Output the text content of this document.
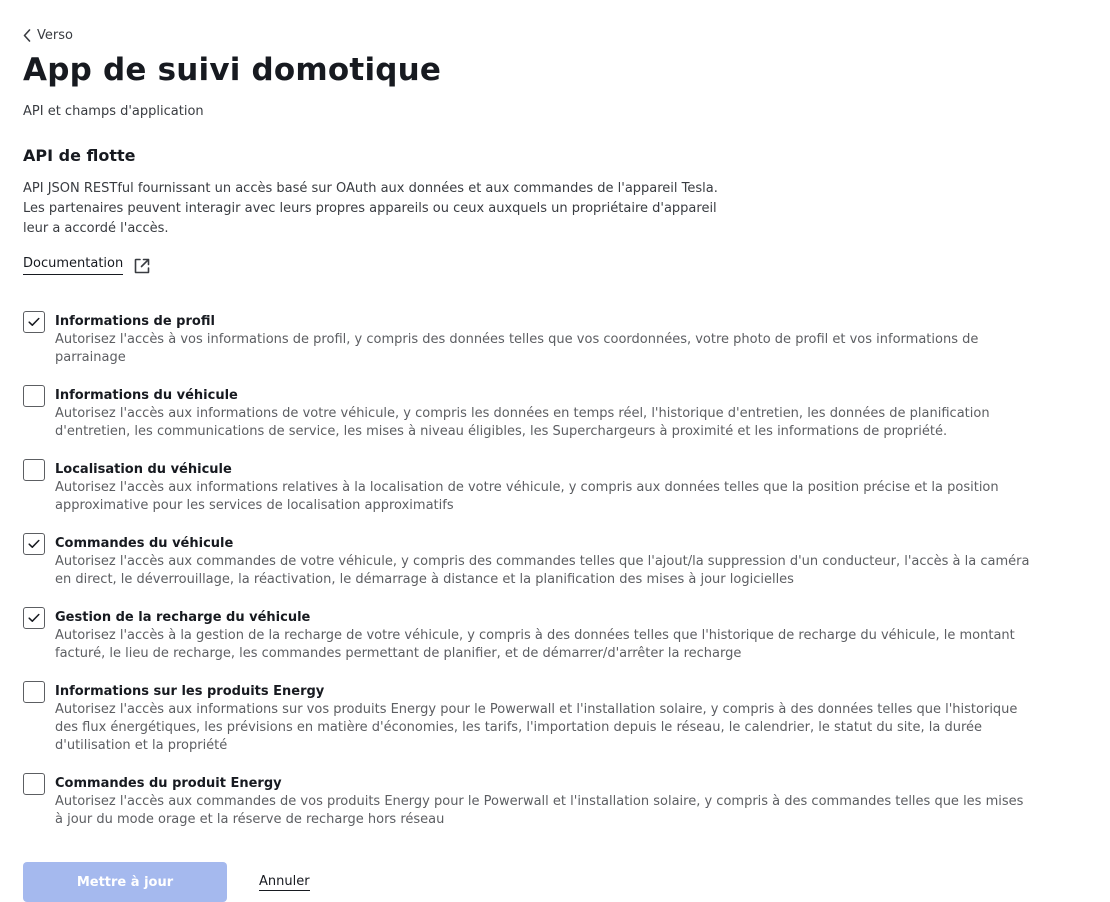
Verso
App de suivi domotique
API et champs d'application
API de flotte
API JSON RESTful fournissant un accès basé sur OAuth aux données et aux commandes de l'appareil Tesla.
Les partenaires peuvent interagir avec leurs propres appareils ou ceux auxquels un propriétaire d'appareil
leur a accordé l'accès.
Documentation
Informations de profil
Autorisez l'accès à vos informations de profil, y compris des données telles que vos coordonnées, votre photo de profil et vos informations de
parrainage
Informations du véhicule
Autorisez l'accès aux informations de votre véhicule, y compris les données en temps réel, l'historique d'entretien, les données de planification
d'entretien, les communications de service, les mises à niveau éligibles, les Superchargeurs à proximité et les informations de propriété.
Localisation du véhicule
Autorisez l'accès aux informations relatives à la localisation de votre véhicule, y compris aux données telles que la position précise et la position
approximative pour les services de localisation approximatifs
Commandes du véhicule
Autorisez l'accès aux commandes de votre véhicule, y compris des commandes telles que l'ajout/la suppression d'un conducteur, l'accès à la caméra
en direct, le déverrouillage, la réactivation, le démarrage à distance et la planification des mises à jour logicielles
Gestion de la recharge du véhicule
Autorisez l'accès à la gestion de la recharge de votre véhicule, y compris à des données telles que l'historique de recharge du véhicule, le montant
facturé, le lieu de recharge, les commandes permettant de planifier, et de démarrer/d'arrêter la recharge
Informations sur les produits Energy
Autorisez l'accès aux informations sur vos produits Energy pour le Powerwall et l'installation solaire, y compris à des données telles que l'historique
des flux énergétiques, les prévisions en matière d'économies, les tarifs, l'importation depuis le réseau, le calendrier, le statut du site, la durée
d'utilisation et la propriété
Commandes du produit Energy
Autorisez l'accès aux commandes de vos produits Energy pour le Powerwall et l'installation solaire, y compris à des commandes telles que les mises
à jour du mode orage et la réserve de recharge hors réseau
Mettre à jour	Annuler
